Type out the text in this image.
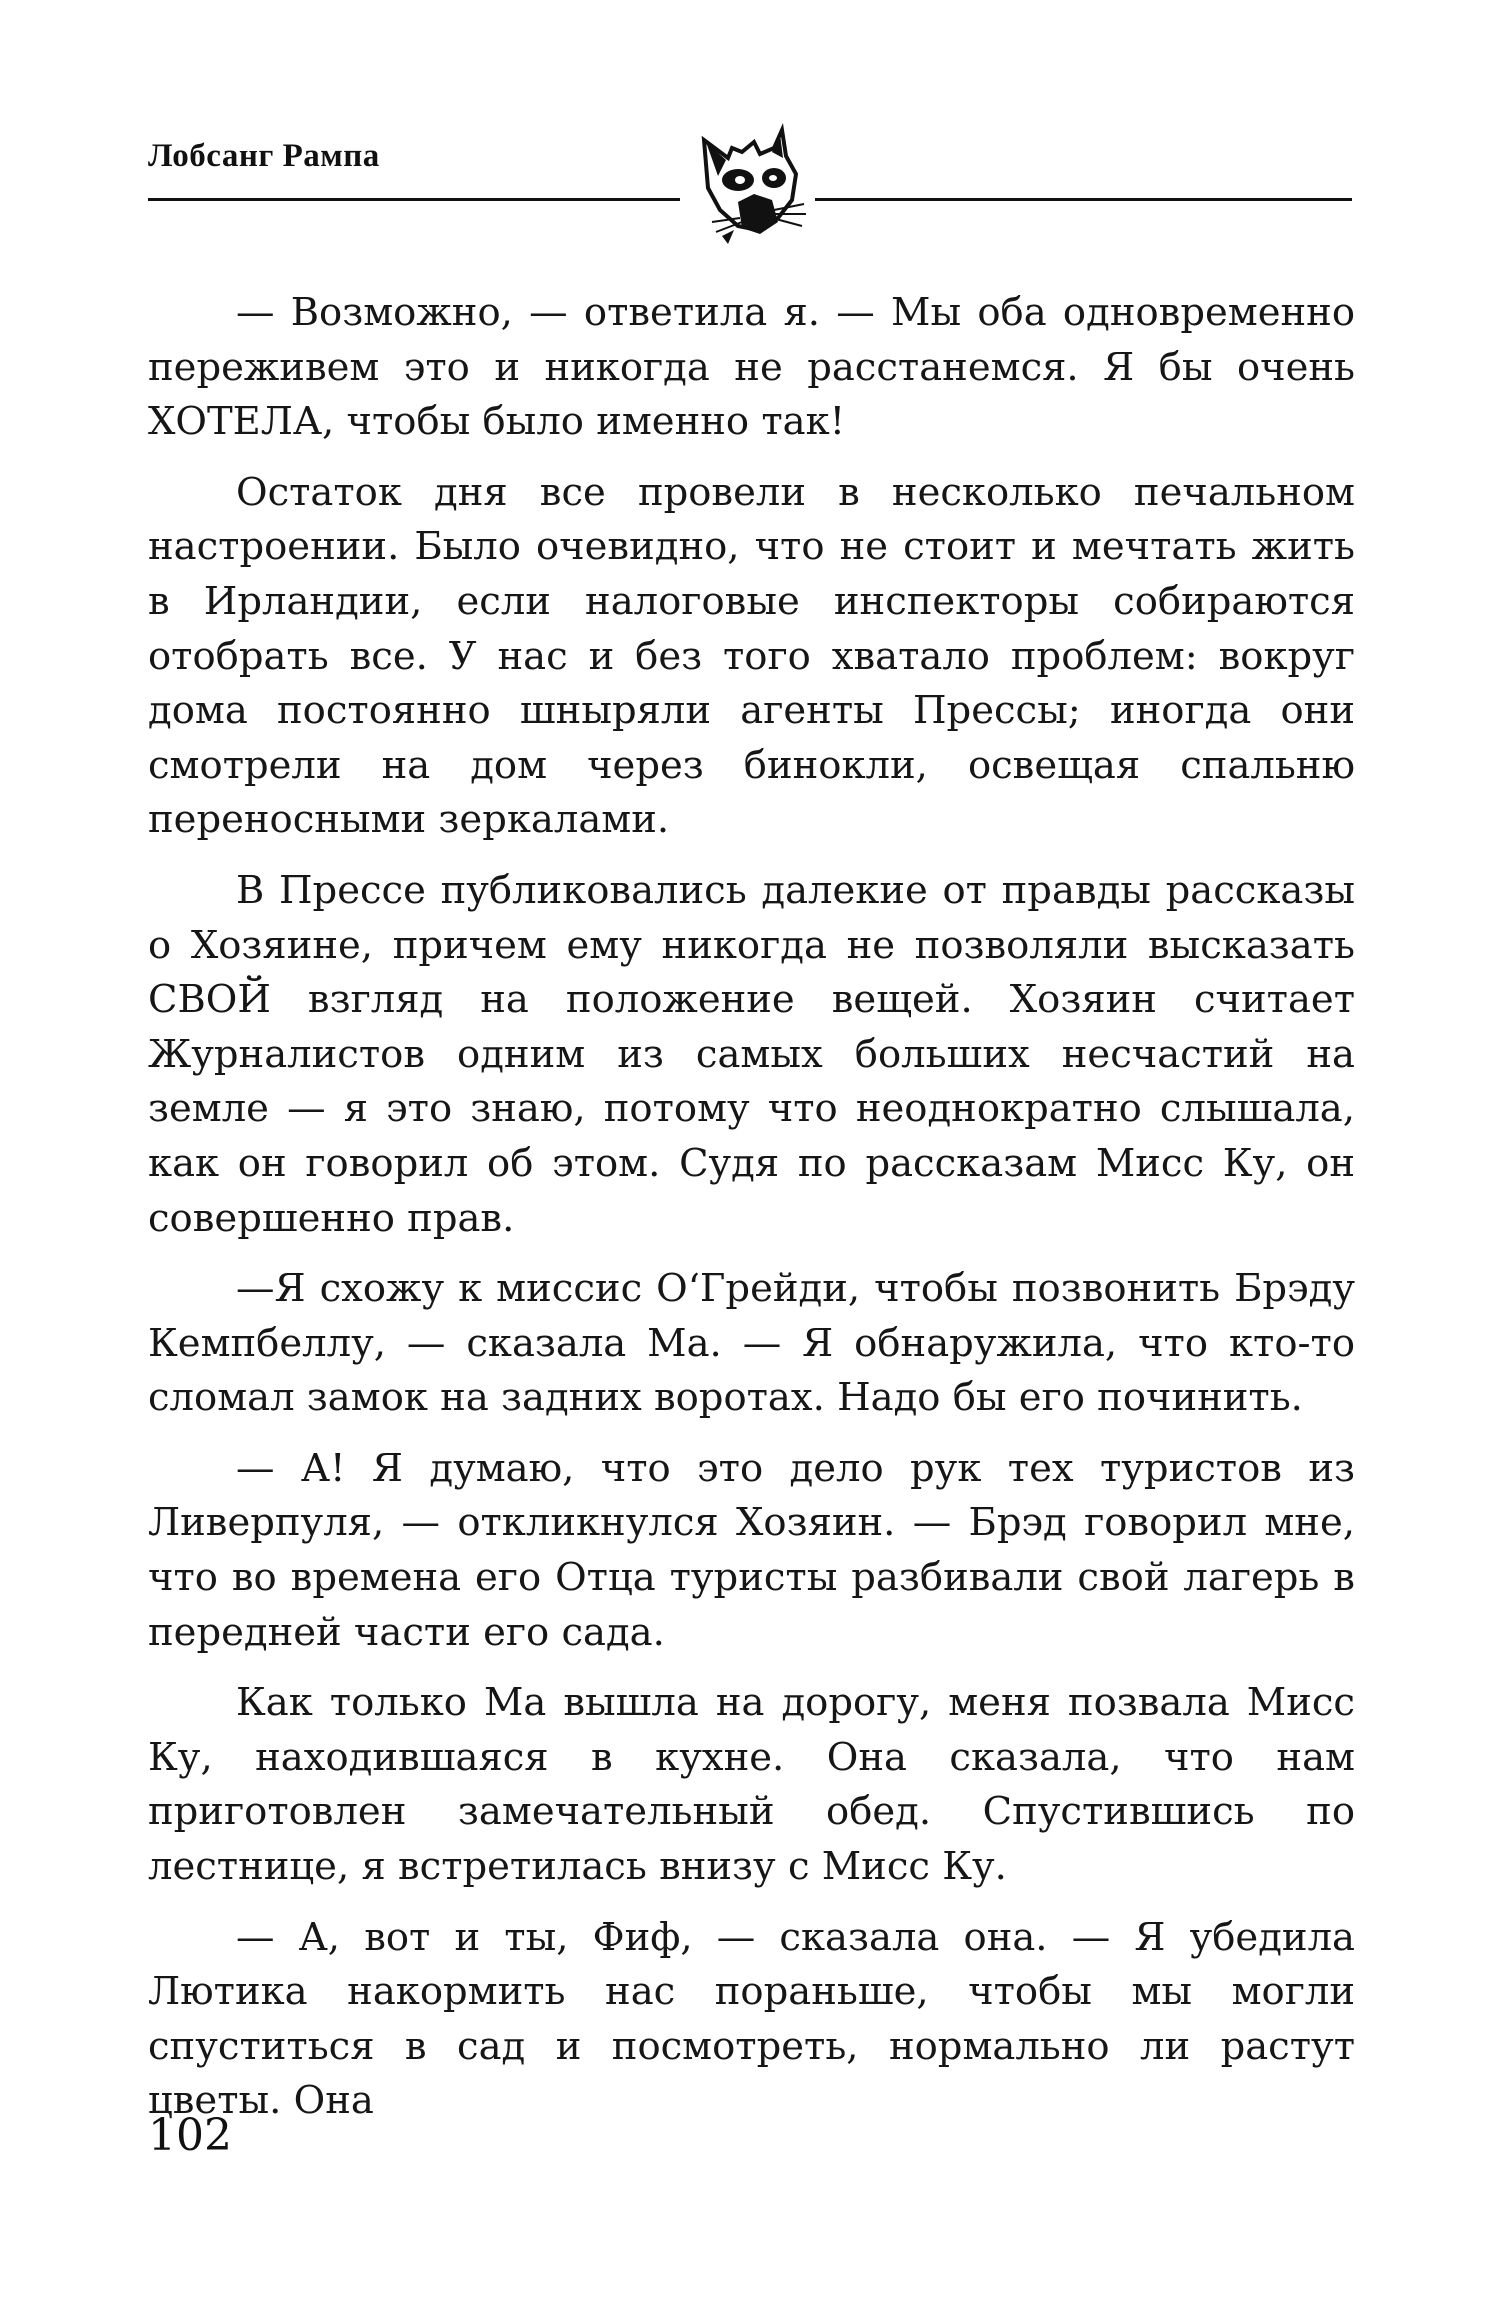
Лобсанг Рампа

— Возможно, — ответила я. — Мы оба одновременно переживем это и никогда не расстанемся. Я бы очень ХОТЕЛА, чтобы было именно так!

Остаток дня все провели в несколько печальном настроении. Было очевидно, что не стоит и мечтать жить в Ирландии, если налоговые инспекторы собираются отобрать все. У нас и без того хватало проблем: вокруг дома постоянно шныряли агенты Прессы; иногда они смотрели на дом через бинокли, освещая спальню переносными зеркалами.

В Прессе публиковались далекие от правды рассказы о Хозяине, причем ему никогда не позволяли высказать СВОЙ взгляд на положение вещей. Хозяин считает Журналистов одним из самых больших несчастий на земле — я это знаю, потому что неоднократно слышала, как он говорил об этом. Судя по рассказам Мисс Ку, он совершенно прав.

—Я схожу к миссис О‘Грейди, чтобы позвонить Брэду Кемпбеллу, — сказала Ма. — Я обнаружила, что кто-то сломал замок на задних воротах. Надо бы его починить.

— А! Я думаю, что это дело рук тех туристов из Ливерпуля, — откликнулся Хозяин. — Брэд говорил мне, что во времена его Отца туристы разбивали свой лагерь в передней части его сада.

Как только Ма вышла на дорогу, меня позвала Мисс Ку, находившаяся в кухне. Она сказала, что нам приготовлен замечательный обед. Спустившись по лестнице, я встретилась внизу с Мисс Ку.

— А, вот и ты, Фиф, — сказала она. — Я убедила Лютика накормить нас пораньше, чтобы мы могли спуститься в сад и посмотреть, нормально ли растут цветы. Она

102
